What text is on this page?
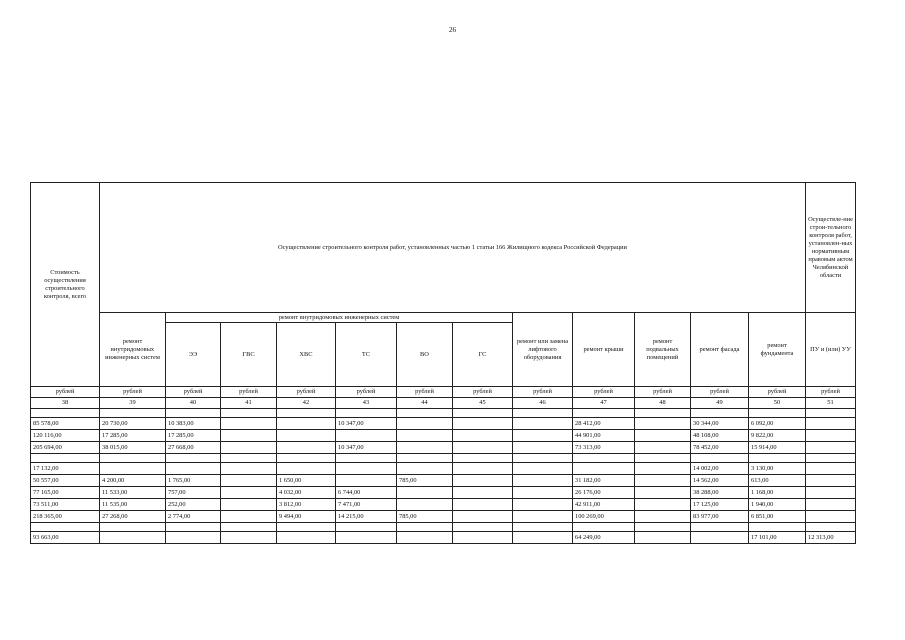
26
Стоимость осуществления строительного контроля, всего	Осуществление строительного контроля работ, установленных частью 1 статьи 166 Жилищного кодекса Российской Федерации												Осуществле-ние строи-тельного контроля работ, установлен-ных нормативным правовым актом Челябинской области
	ремонт внутридомовых инженерных систем	ремонт внутридомовых инженерных систем						ремонт или замена лифтового оборудования	ремонт крыши	ремонт подвальных помещений	ремонт фасада	ремонт фундамента	ПУ и (или) УУ
		ЭЭ	ГВС	ХВС	ТС	ВО	ГС						
рублей	рублей	рублей	рублей	рублей	рублей	рублей	рублей	рублей	рублей	рублей	рублей	рублей	рублей
38	39	40	41	42	43	44	45	46	47	48	49	50	51

85 578,00	20 730,00	10 383,00			10 347,00				28 412,00		30 344,00	6 092,00	
120 116,00	17 285,00	17 285,00							44 901,00		48 108,00	9 822,00	
205 694,00	38 015,00	27 668,00			10 347,00				73 313,00		78 452,00	15 914,00	

17 132,00											14 002,00	3 130,00	
50 557,00	4 200,00	1 765,00		1 650,00		785,00			31 182,00		14 562,00	613,00	
77 165,00	11 533,00	757,00		4 032,00	6 744,00				26 176,00		38 288,00	1 168,00	
73 511,00	11 535,00	252,00		3 812,00	7 471,00				42 911,00		17 125,00	1 940,00	
218 365,00	27 268,00	2 774,00		9 494,00	14 215,00	785,00			100 269,00		83 977,00	6 851,00	

93 663,00									64 249,00			17 101,00	12 313,00
